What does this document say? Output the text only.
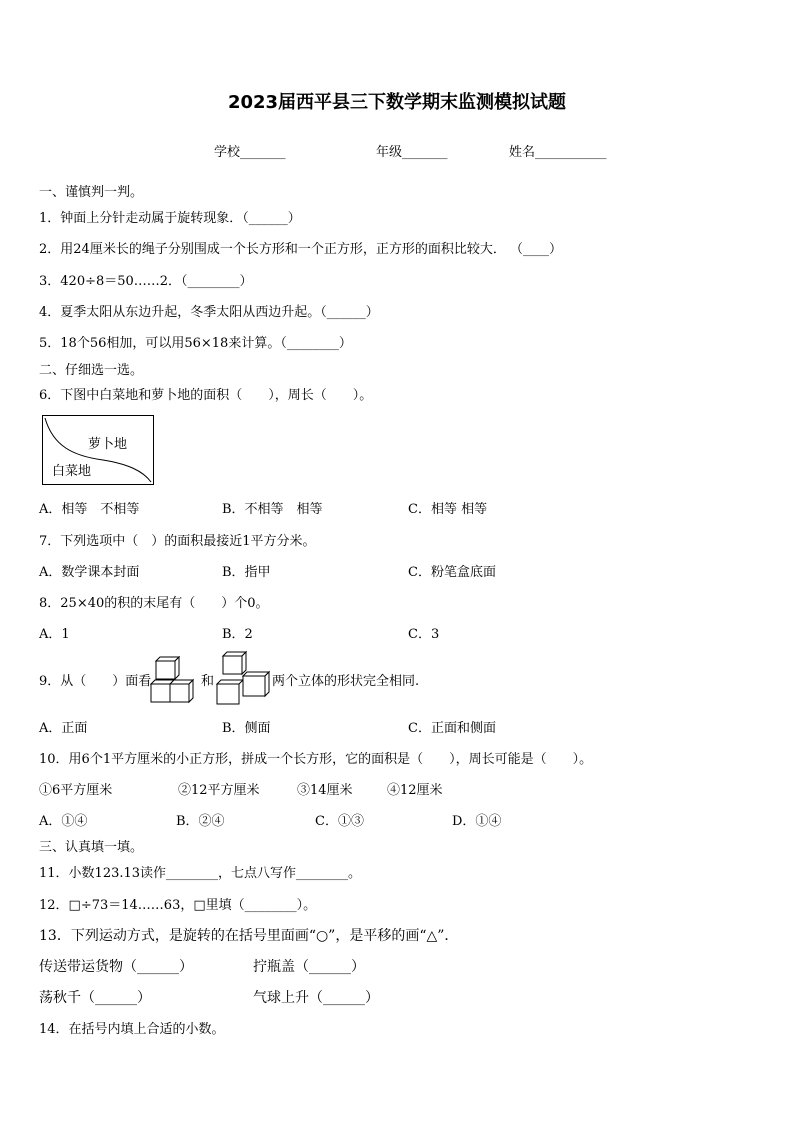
2023届西平县三下数学期末监测模拟试题
学校_______	年级_______	姓名___________
一、谨慎判一判。
1．钟面上分针走动属于旋转现象．（______）
2．用24厘米长的绳子分别围成一个长方形和一个正方形，正方形的面积比较大． （____）
3．420÷8＝50……2．（________）
4．夏季太阳从东边升起，冬季太阳从西边升起。（______）
5．18个56相加，可以用56×18来计算。（________）
二、仔细选一选。
6．下图中白菜地和萝卜地的面积（　　），周长（　　）。
萝卜地
白菜地
A．相等　不相等	B．不相等　相等	C．相等 相等
7．下列选项中（　）的面积最接近1平方分米。
A．数学课本封面	B．指甲	C．粉笔盒底面
8．25×40的积的末尾有（　　）个0。
A．1	B．2	C．3
9．从（　　）面看	和	两个立体的形状完全相同.
A．正面	B．侧面	C．正面和侧面
10．用6个1平方厘米的小正方形，拼成一个长方形，它的面积是（　　），周长可能是（　　）。
①6平方厘米	②12平方厘米	③14厘米	④12厘米
A．①④	B．②④	C．①③	D．①④
三、认真填一填。
11．小数123.13读作________，七点八写作________。
12．□÷73＝14……63，□里填（________）。
13．下列运动方式，是旋转的在括号里面画“○”，是平移的画“△”．
传送带运货物（______）	拧瓶盖（______）
荡秋千（______）	气球上升（______）
14．在括号内填上合适的小数。
